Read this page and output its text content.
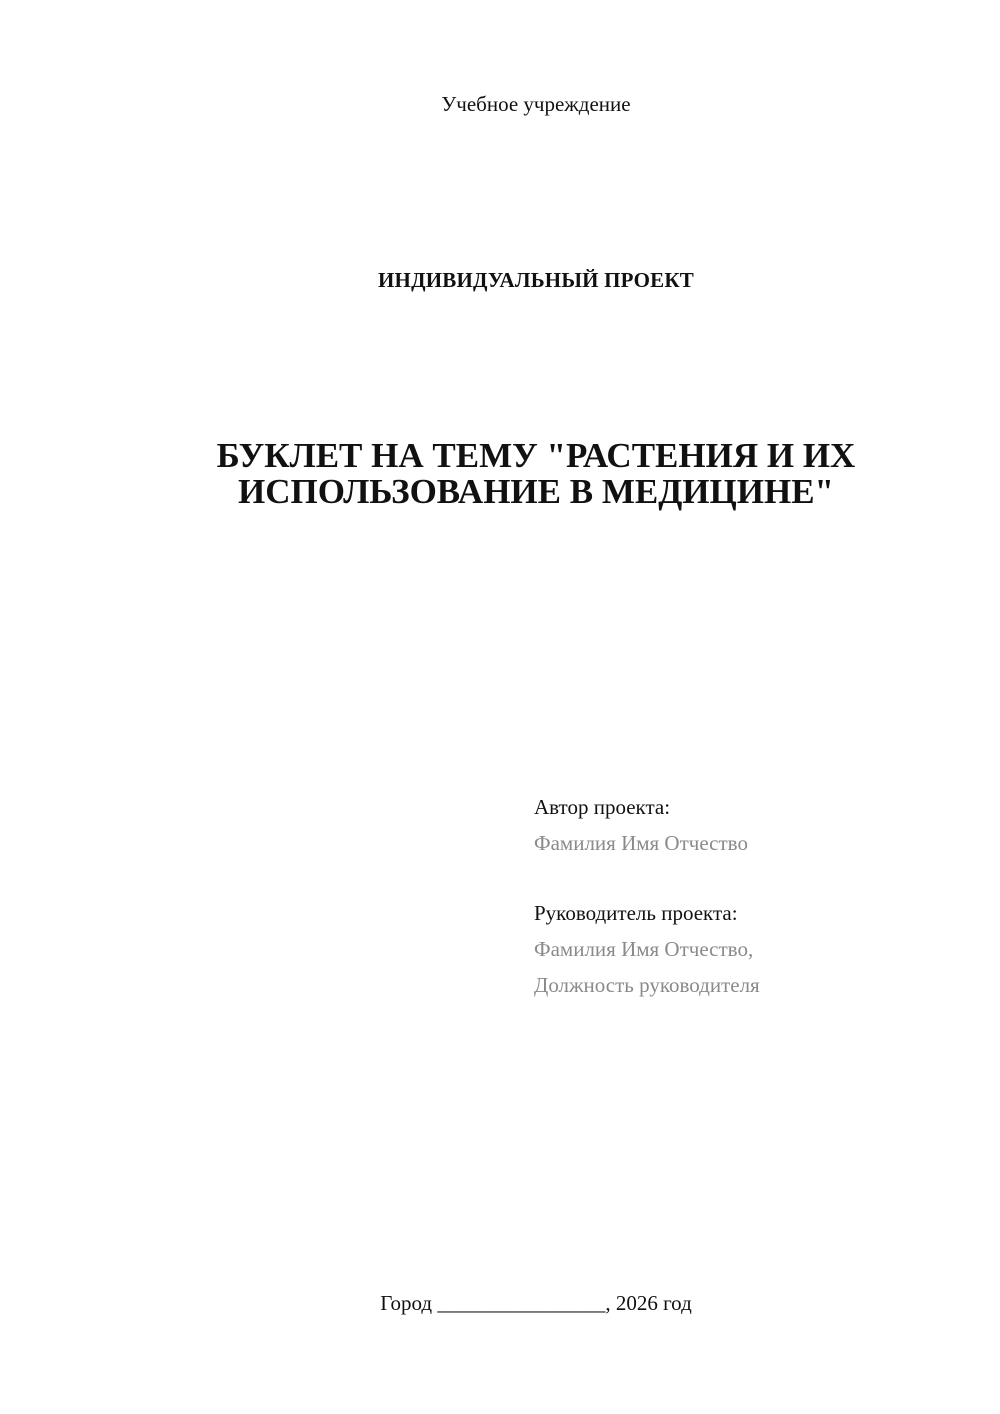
Учебное учреждение
ИНДИВИДУАЛЬНЫЙ ПРОЕКТ
БУКЛЕТ НА ТЕМУ "РАСТЕНИЯ И ИХ
ИСПОЛЬЗОВАНИЕ В МЕДИЦИНЕ"
Автор проекта:
Фамилия Имя Отчество
Руководитель проекта:
Фамилия Имя Отчество,
Должность руководителя
Город ________________, 2026 год
